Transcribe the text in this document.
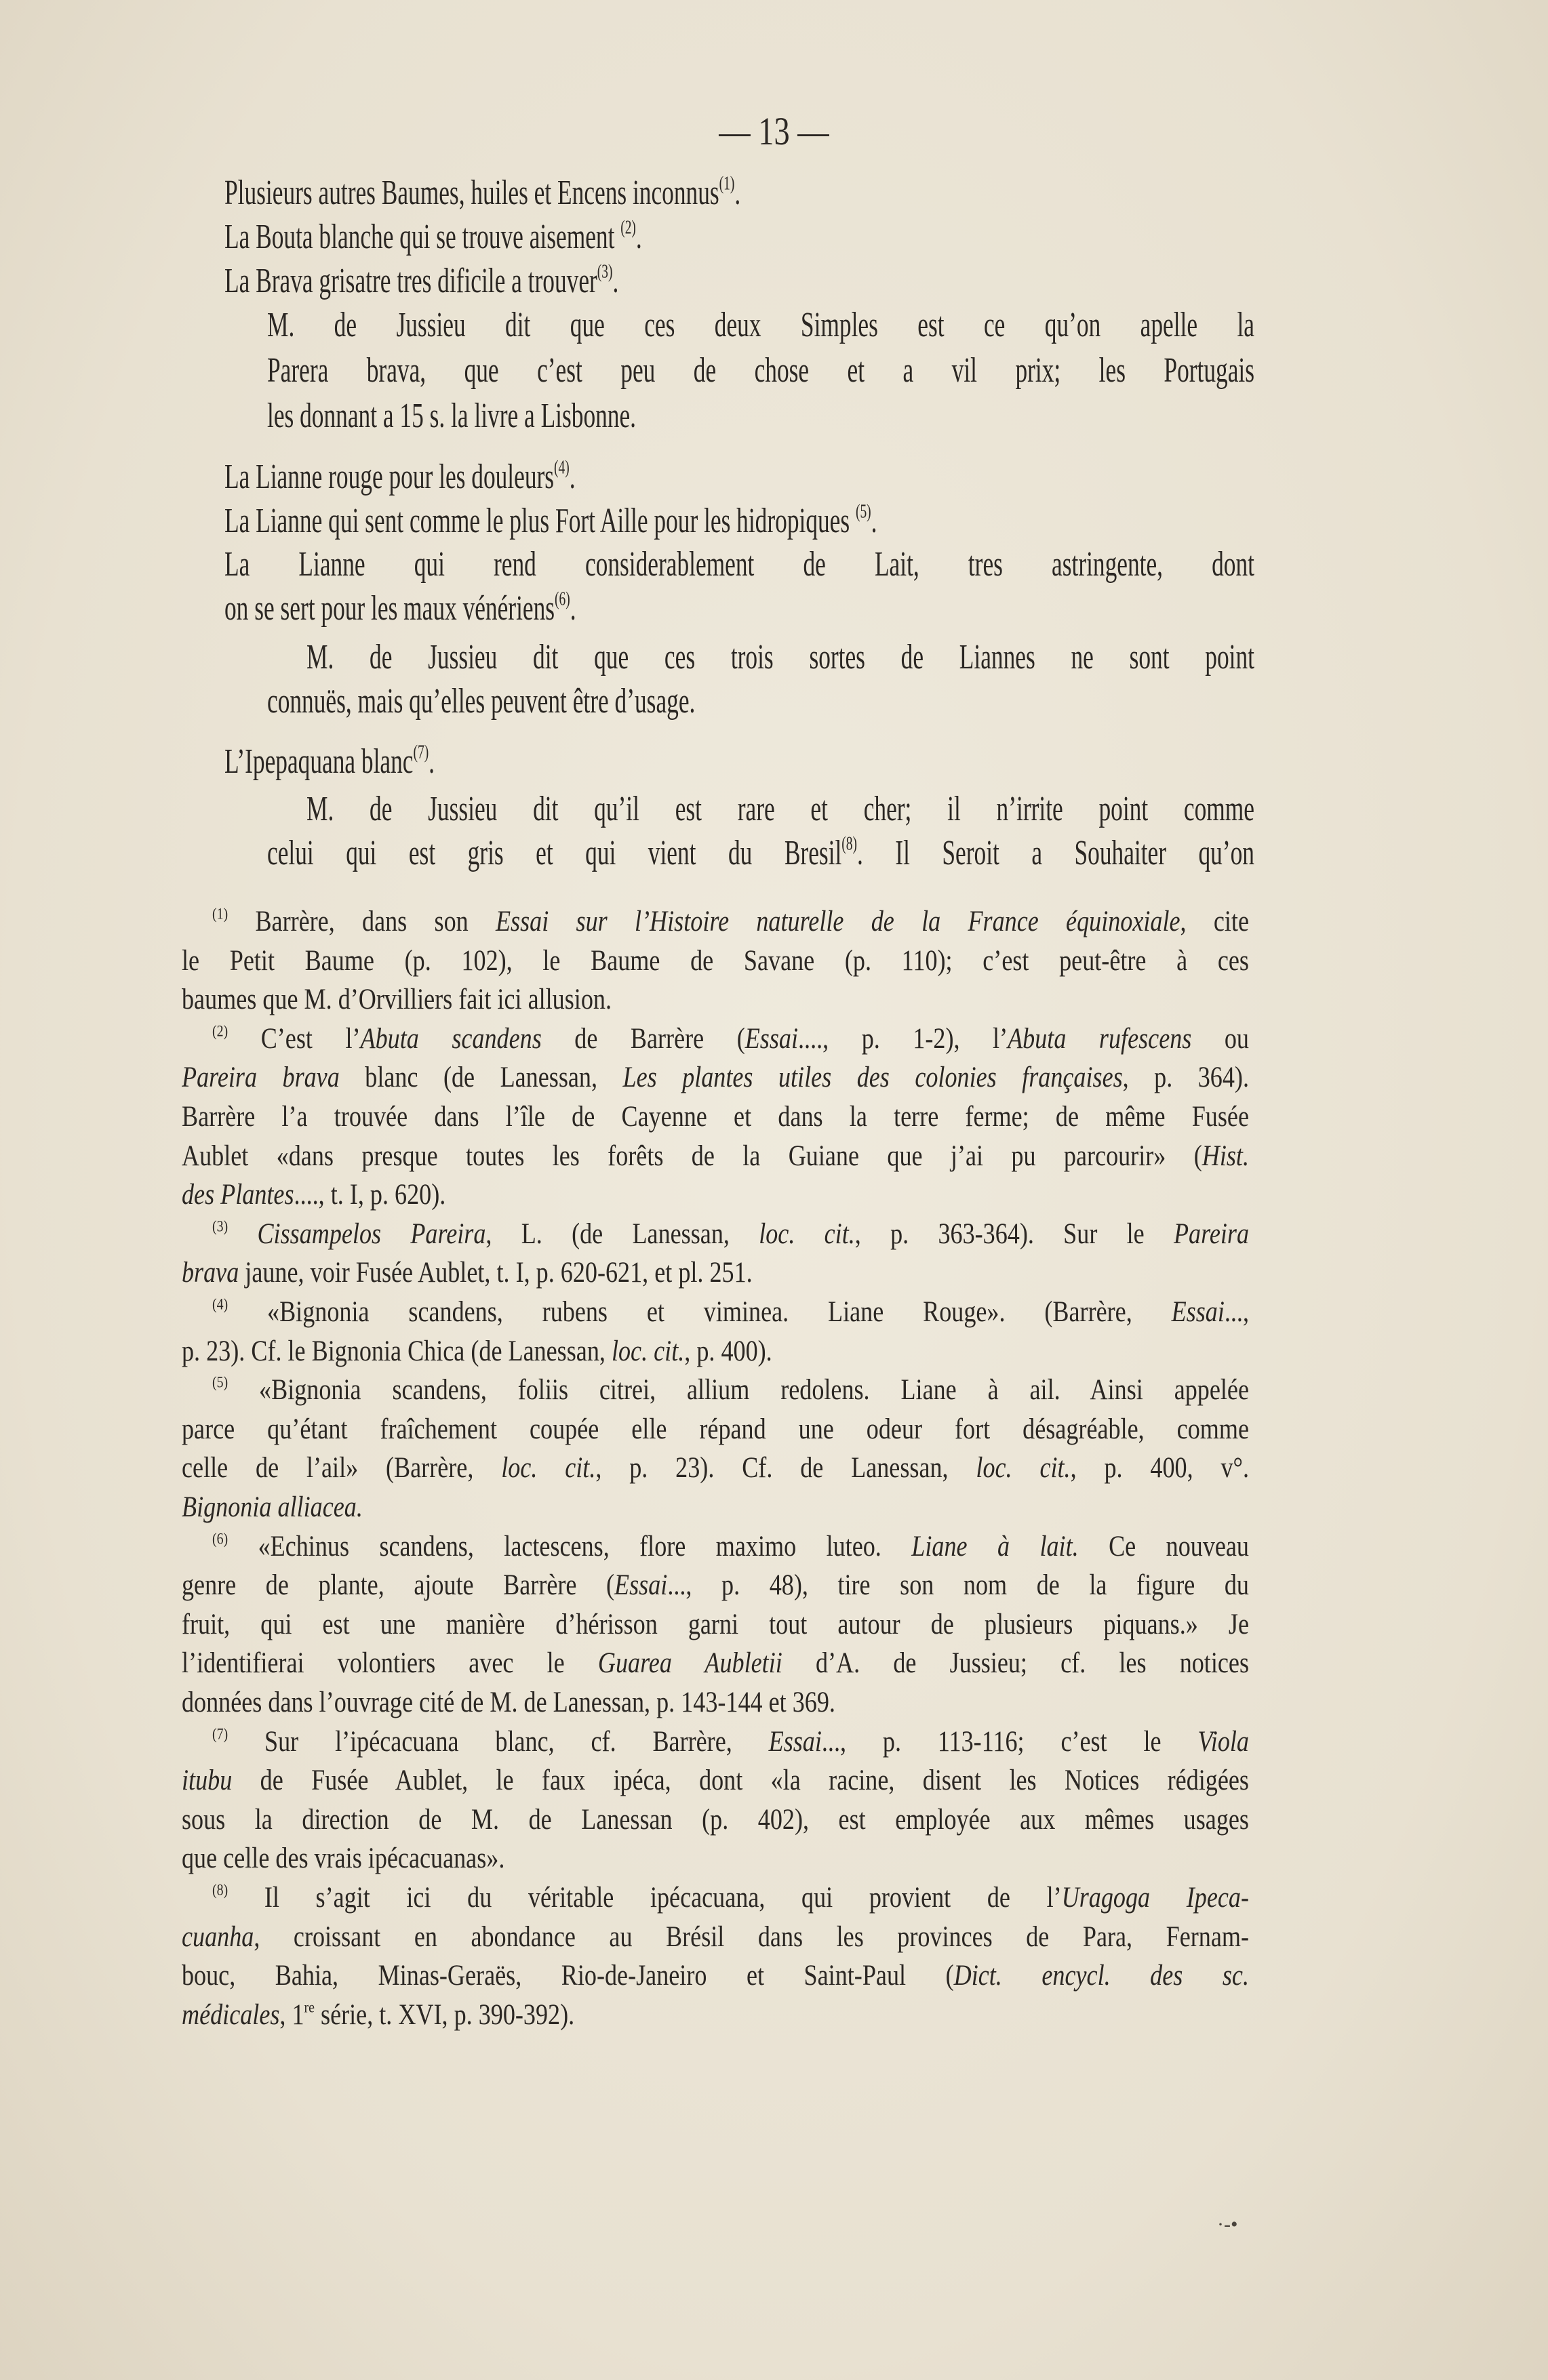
— 13 —
Plusieurs autres Baumes, huiles et Encens inconnus$^{(1)}$.
La Bouta blanche qui se trouve aisement $^{(2)}$.
La Brava grisatre tres dificile a trouver$^{(3)}$.
M. de Jussieu dit que ces deux Simples est ce qu’on apelle la
Parera brava, que c’est peu de chose et a vil prix; les Portugais
les donnant a 15 s. la livre a Lisbonne.
La Lianne rouge pour les douleurs$^{(4)}$.
La Lianne qui sent comme le plus Fort Aille pour les hidropiques $^{(5)}$.
La Lianne qui rend considerablement de Lait, tres astringente, dont
on se sert pour les maux vénériens$^{(6)}$.
M. de Jussieu dit que ces trois sortes de Liannes ne sont point
connuës, mais qu’elles peuvent être d’usage.
L’Ipepaquana blanc$^{(7)}$.
M. de Jussieu dit qu’il est rare et cher; il n’irrite point comme
celui qui est gris et qui vient du Bresil$^{(8)}$. Il Seroit a Souhaiter qu’on
$^{(1)}$ Barrère, dans son Essai sur l’Histoire naturelle de la France équinoxiale, cite
le Petit Baume (p. 102), le Baume de Savane (p. 110); c’est peut-être à ces
baumes que M. d’Orvilliers fait ici allusion.
$^{(2)}$ C’est l’Abuta scandens de Barrère (Essai...., p. 1-2), l’Abuta rufescens ou
Pareira brava blanc (de Lanessan, Les plantes utiles des colonies françaises, p. 364).
Barrère l’a trouvée dans l’île de Cayenne et dans la terre ferme; de même Fusée
Aublet «dans presque toutes les forêts de la Guiane que j’ai pu parcourir» (Hist.
des Plantes...., t. I, p. 620).
$^{(3)}$ Cissampelos Pareira, L. (de Lanessan, loc. cit., p. 363-364). Sur le Pareira
brava jaune, voir Fusée Aublet, t. I, p. 620-621, et pl. 251.
$^{(4)}$ «Bignonia scandens, rubens et viminea. Liane Rouge». (Barrère, Essai...,
p. 23). Cf. le Bignonia Chica (de Lanessan, loc. cit., p. 400).
$^{(5)}$ «Bignonia scandens, foliis citrei, allium redolens. Liane à ail. Ainsi appelée
parce qu’étant fraîchement coupée elle répand une odeur fort désagréable, comme
celle de l’ail» (Barrère, loc. cit., p. 23). Cf. de Lanessan, loc. cit., p. 400, v°.
Bignonia alliacea.
$^{(6)}$ «Echinus scandens, lactescens, flore maximo luteo. Liane à lait. Ce nouveau
genre de plante, ajoute Barrère (Essai..., p. 48), tire son nom de la figure du
fruit, qui est une manière d’hérisson garni tout autour de plusieurs piquans.» Je
l’identifierai volontiers avec le Guarea Aubletii d’A. de Jussieu; cf. les notices
données dans l’ouvrage cité de M. de Lanessan, p. 143-144 et 369.
$^{(7)}$ Sur l’ipécacuana blanc, cf. Barrère, Essai..., p. 113-116; c’est le Viola
itubu de Fusée Aublet, le faux ipéca, dont «la racine, disent les Notices rédigées
sous la direction de M. de Lanessan (p. 402), est employée aux mêmes usages
que celle des vrais ipécacuanas».
$^{(8)}$ Il s’agit ici du véritable ipécacuana, qui provient de l’Uragoga Ipeca-
cuanha, croissant en abondance au Brésil dans les provinces de Para, Fernam-
bouc, Bahia, Minas-Geraës, Rio-de-Janeiro et Saint-Paul (Dict. encycl. des sc.
médicales, 1re série, t. XVI, p. 390-392).
·-•
